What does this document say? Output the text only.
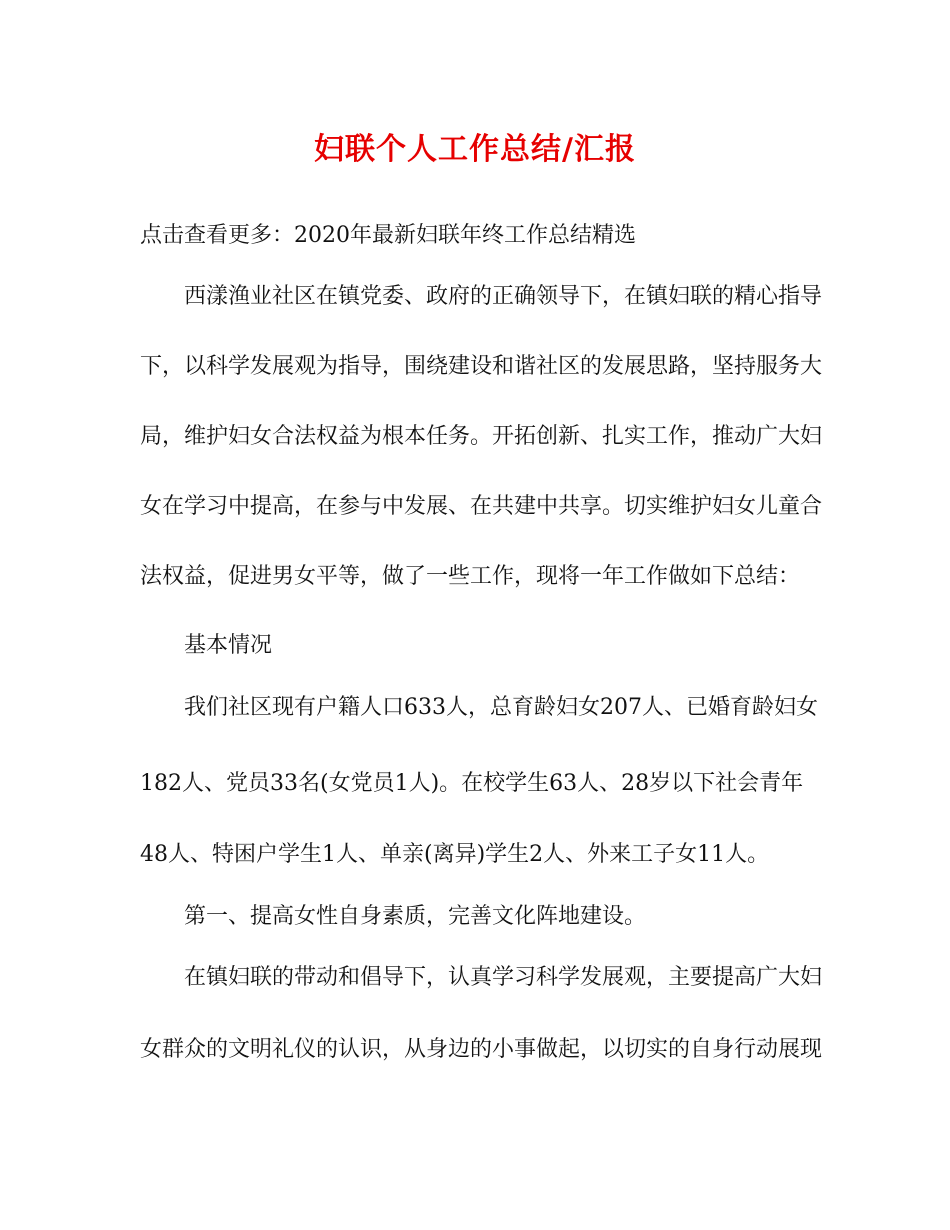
妇联个人工作总结/汇报
点击查看更多：2020年最新妇联年终工作总结精选
西漾渔业社区在镇党委、政府的正确领导下，在镇妇联的精心指导
下，以科学发展观为指导，围绕建设和谐社区的发展思路，坚持服务大
局，维护妇女合法权益为根本任务。开拓创新、扎实工作，推动广大妇
女在学习中提高，在参与中发展、在共建中共享。切实维护妇女儿童合
法权益，促进男女平等，做了一些工作，现将一年工作做如下总结：
基本情况
我们社区现有户籍人口633人，总育龄妇女207人、已婚育龄妇女
182人、党员33名(女党员1人)。在校学生63人、28岁以下社会青年
48人、特困户学生1人、单亲(离异)学生2人、外来工子女11人。
第一、提高女性自身素质，完善文化阵地建设。
在镇妇联的带动和倡导下，认真学习科学发展观，主要提高广大妇
女群众的文明礼仪的认识，从身边的小事做起，以切实的自身行动展现
